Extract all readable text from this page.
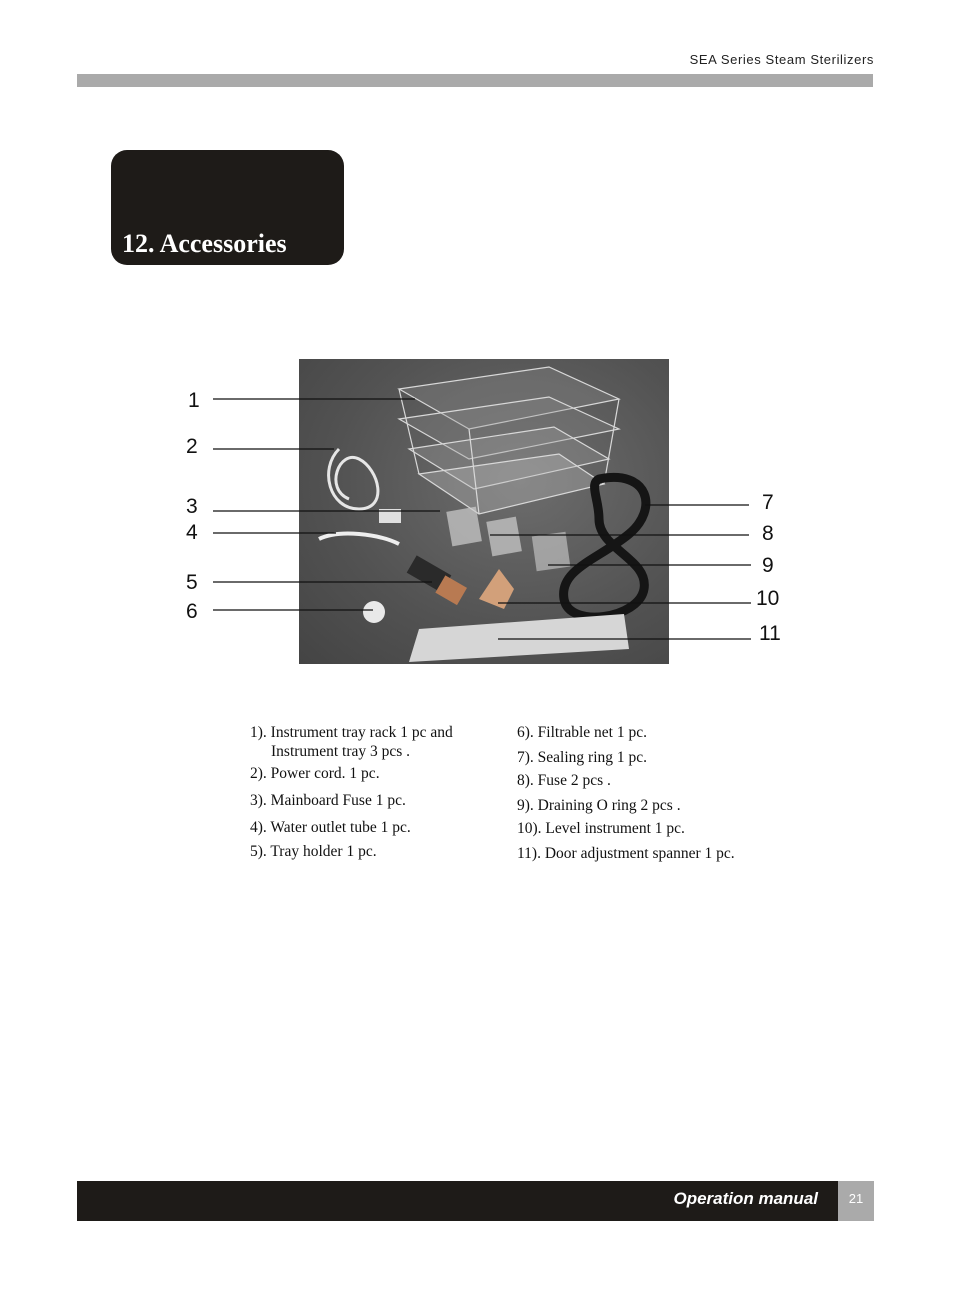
SEA Series Steam Sterilizers
12. Accessories
1
2
3
4
5
6
7
8
9
10
11
1). Instrument tray rack 1 pc and
Instrument tray 3 pcs .
2). Power cord. 1 pc.
3). Mainboard Fuse 1 pc.
4). Water outlet tube 1 pc.
5). Tray holder 1 pc.
6). Filtrable net 1 pc.
7). Sealing ring 1 pc.
8). Fuse 2 pcs .
9). Draining O ring 2 pcs .
10). Level instrument 1 pc.
11). Door adjustment spanner 1 pc.
Operation manual	21
